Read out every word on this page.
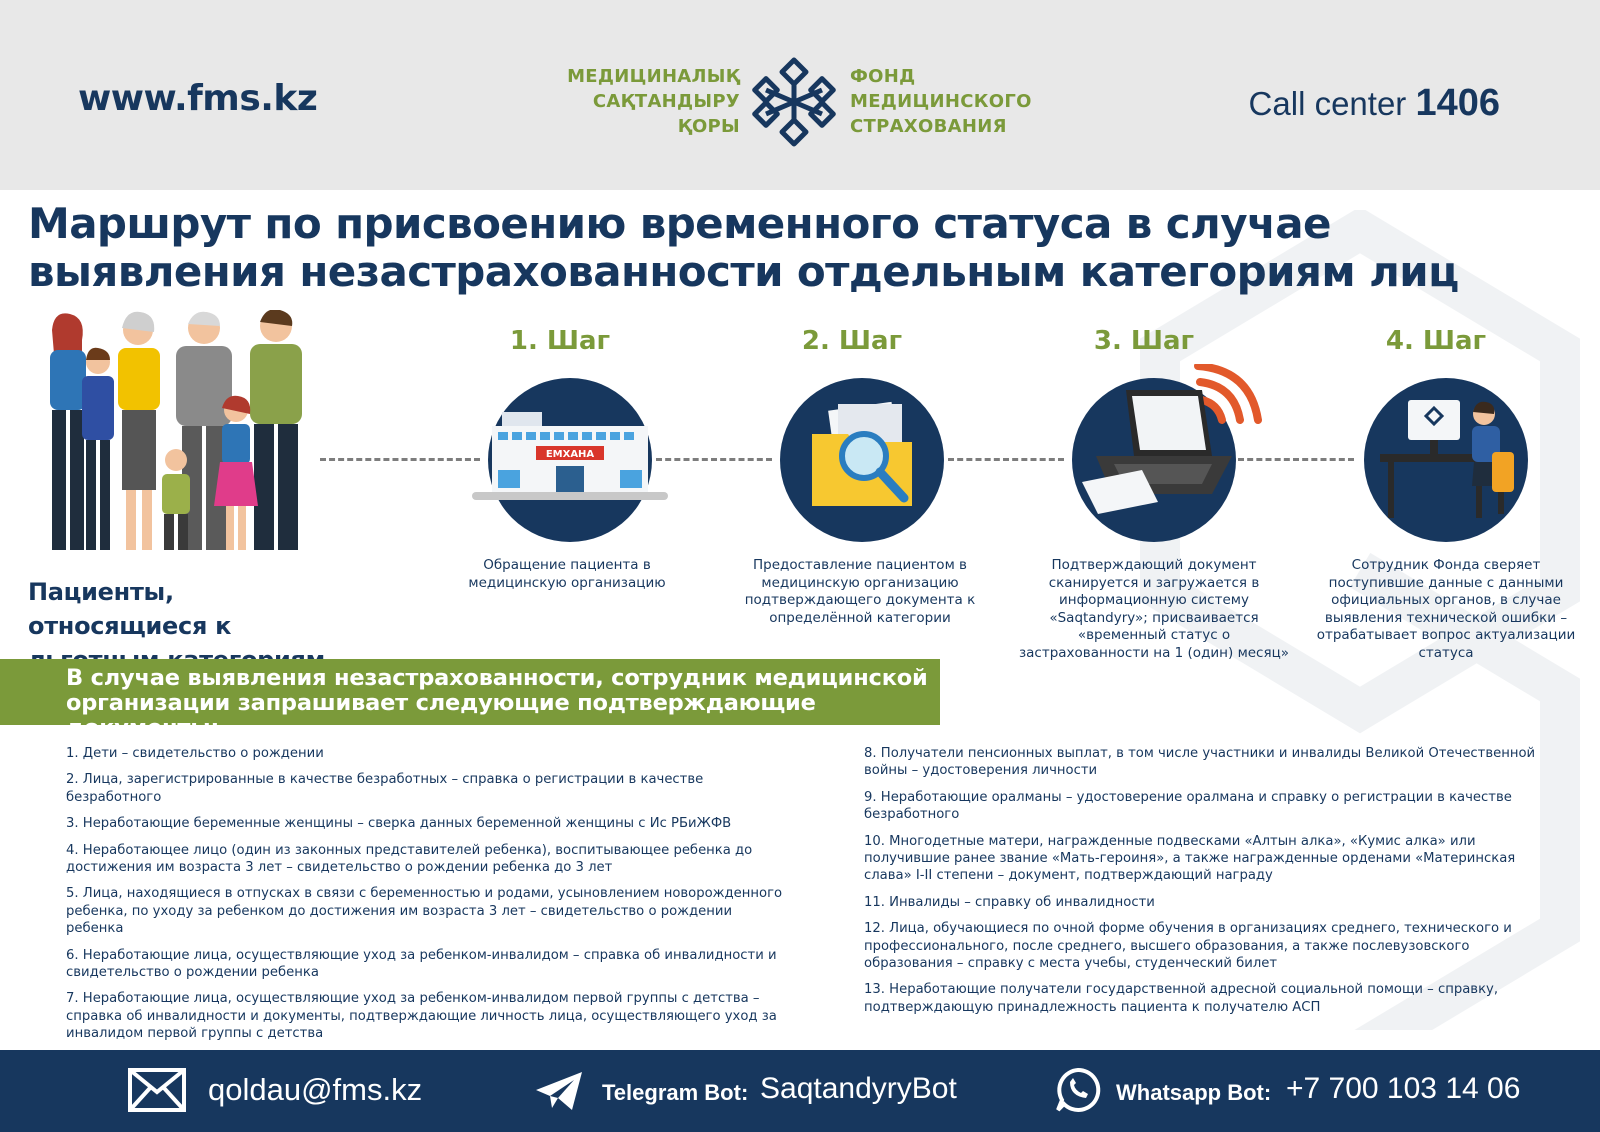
www.fms.kz
МЕДИЦИНАЛЫҚ
САҚТАНДЫРУ
ҚОРЫ
ФОНД
МЕДИЦИНСКОГО
СТРАХОВАНИЯ
Call center 1406
Маршрут по присвоению временного статуса в случае выявления незастрахованности отдельным категориям лиц
Пациенты, относящиеся к
1. Шаг
ЕМХАНА
Обращение пациента в медицинскую организацию
2. Шаг
Предоставление пациентом в медицинскую организацию подтверждающего документа к определённой категории
3. Шаг
Подтверждающий документ сканируется и загружается в информационную систему «Saqtandyry»; присваивается «временный статус о застрахованности на 1 (один) месяц»
4. Шаг
Сотрудник Фонда сверяет поступившие данные с данными официальных органов, в случае выявления технической ошибки – отрабатывает вопрос актуализации статуса
В случае выявления незастрахованности, сотрудник медицинской организации запрашивает следующие подтверждающие документы:
1. Дети – свидетельство о рождении
2. Лица, зарегистрированные в качестве безработных – справка о регистрации в качестве безработного
3. Неработающие беременные женщины – сверка данных беременной женщины с Ис РБиЖФВ
4. Неработающее лицо (один из законных представителей ребенка), воспитывающее ребенка до достижения им возраста 3 лет – свидетельство о рождении ребенка до 3 лет
5. Лица, находящиеся в отпусках в связи с беременностью и родами, усыновлением новорожденного ребенка, по уходу за ребенком до достижения им возраста 3 лет – свидетельство о рождении ребенка
6. Неработающие лица, осуществляющие уход за ребенком-инвалидом – справка об инвалидности и свидетельство о рождении ребенка
7. Неработающие лица, осуществляющие уход за ребенком-инвалидом первой группы с детства – справка об инвалидности и документы, подтверждающие личность лица, осуществляющего уход за инвалидом первой группы с детства
8. Получатели пенсионных выплат, в том числе участники и инвалиды Великой Отечественной войны – удостоверения личности
9. Неработающие оралманы – удостоверение оралмана и справку о регистрации в качестве безработного
10. Многодетные матери, награжденные подвесками «Алтын алка», «Кумис алка» или получившие ранее звание «Мать-героиня», а также награжденные орденами «Материнская слава» I-II степени – документ, подтверждающий награду
11. Инвалиды – справку об инвалидности
12. Лица, обучающиеся по очной форме обучения в организациях среднего, технического и профессионального, после среднего, высшего образования, а также послевузовского образования – справку с места учебы, студенческий билет
13. Неработающие получатели государственной адресной социальной помощи – справку, подтверждающую принадлежность пациента к получателю АСП
qoldau@fms.kz	Telegram Bot: SaqtandyryBot	Whatsapp Bot: +7 700 103 14 06
